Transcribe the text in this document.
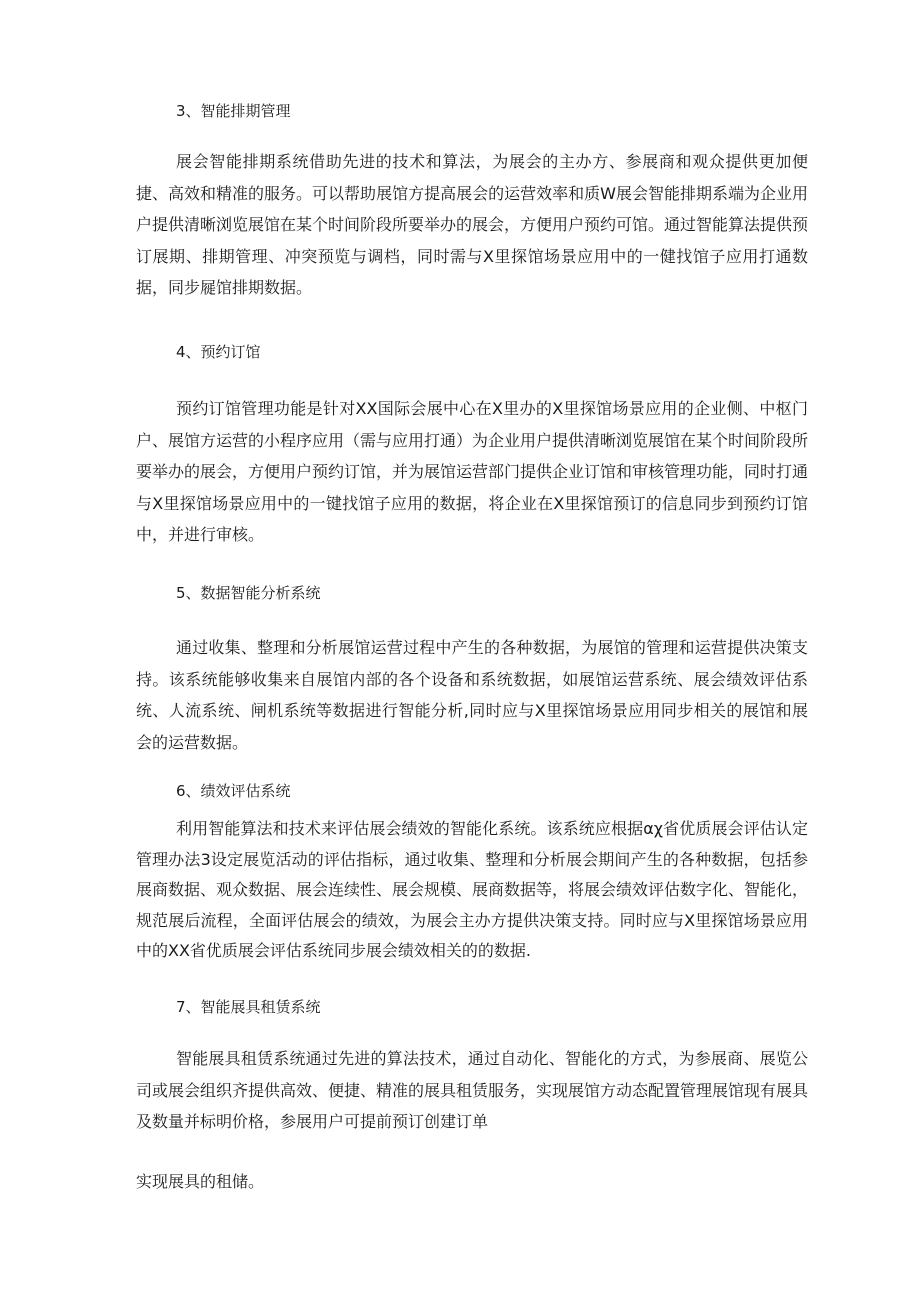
3、智能排期管理

展会智能排期系统借助先进的技术和算法，为展会的主办方、参展商和观众提供更加便捷、高效和精准的服务。可以帮助展馆方提高展会的运营效率和质W展会智能排期系端为企业用户提供清晰浏览展馆在某个时间阶段所要举办的展会，方便用户预约可馆。通过智能算法提供预订展期、排期管理、冲突预览与调档，同时需与X里探馆场景应用中的一健找馆子应用打通数据，同步屣馆排期数据。

4、预约订馆

预约订馆管理功能是针对XX国际会展中心在X里办的X里探馆场景应用的企业侧、中枢门户、展馆方运营的小程序应用（需与应用打通）为企业用户提供清晰浏览展馆在某个时间阶段所要举办的展会，方便用户预约订馆，并为展馆运营部门提供企业订馆和审核管理功能，同时打通与X里探馆场景应用中的一键找馆子应用的数据，将企业在X里探馆预订的信息同步到预约订馆中，并进行审核。

5、数据智能分析系统

通过收集、整理和分析展馆运营过程中产生的各种数据，为展馆的管理和运营提供决策支持。该系统能够收集来自展馆内部的各个设备和系统数据，如展馆运营系统、展会绩效评估系统、人流系统、闸机系统等数据进行智能分析,同时应与X里探馆场景应用同步相关的展馆和展会的运营数据。

6、绩效评估系统

利用智能算法和技术来评估展会绩效的智能化系统。该系统应根据αχ省优质展会评估认定管理办法3设定展览活动的评估指标，通过收集、整理和分析展会期间产生的各种数据，包括参展商数据、观众数据、展会连续性、展会规模、展商数据等，将展会绩效评估数字化、智能化，规范展后流程，全面评估展会的绩效，为展会主办方提供决策支持。同时应与X里探馆场景应用中的XX省优质展会评估系统同步展会绩效相关的的数据.

7、智能展具租赁系统

智能展具租赁系统通过先进的算法技术，通过自动化、智能化的方式，为参展商、展览公司或展会组织齐提供高效、便捷、精准的展具租赁服务，实现展馆方动态配置管理展馆现有展具及数量并标明价格，参展用户可提前预订创建订单

实现展具的租储。
